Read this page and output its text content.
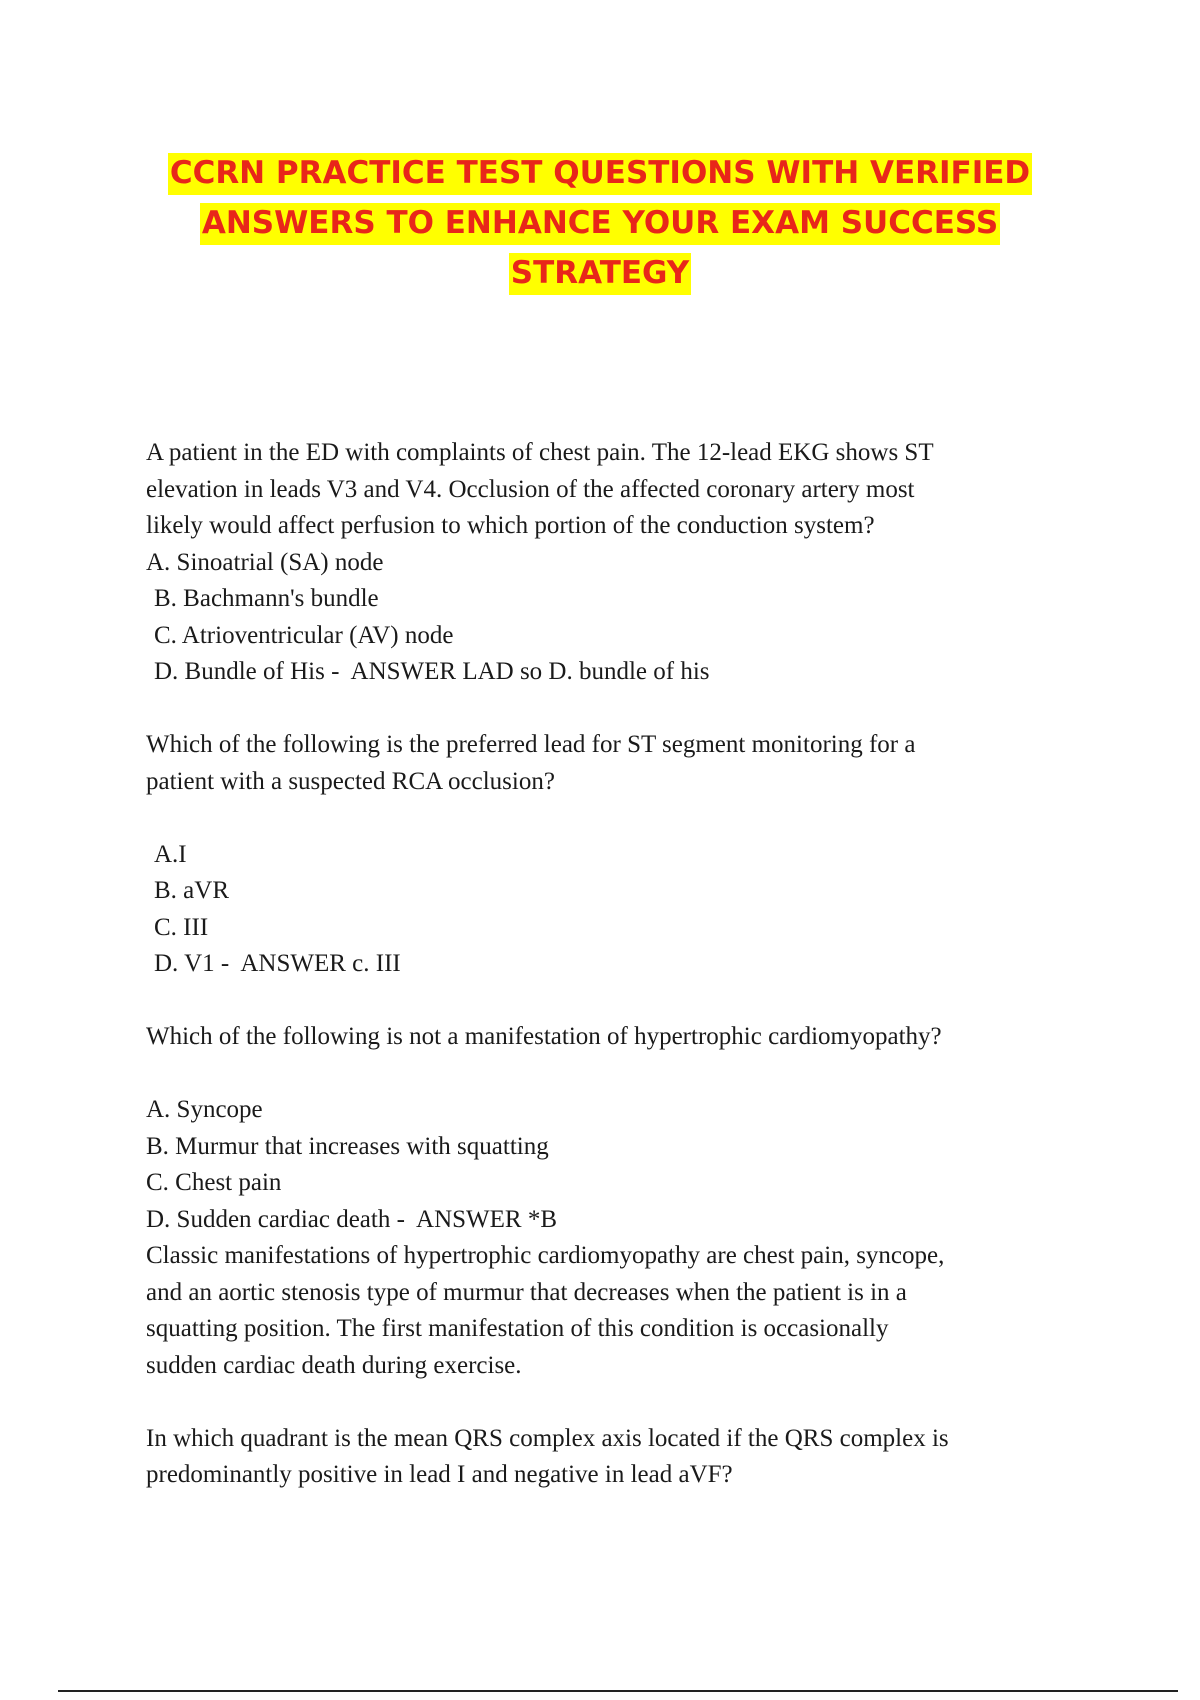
CCRN PRACTICE TEST QUESTIONS WITH VERIFIED
ANSWERS TO ENHANCE YOUR EXAM SUCCESS
STRATEGY

A patient in the ED with complaints of chest pain. The 12-lead EKG shows ST

elevation in leads V3 and V4. Occlusion of the affected coronary artery most

likely would affect perfusion to which portion of the conduction system?

A. Sinoatrial (SA) node

B. Bachmann's bundle

C. Atrioventricular (AV) node

D. Bundle of His -  ANSWER LAD so D. bundle of his

Which of the following is the preferred lead for ST segment monitoring for a

patient with a suspected RCA occlusion?

A.I

B. aVR

C. III

D. V1 -  ANSWER c. III

Which of the following is not a manifestation of hypertrophic cardiomyopathy?

A. Syncope

B. Murmur that increases with squatting

C. Chest pain

D. Sudden cardiac death -  ANSWER *B

Classic manifestations of hypertrophic cardiomyopathy are chest pain, syncope,

and an aortic stenosis type of murmur that decreases when the patient is in a

squatting position. The first manifestation of this condition is occasionally

sudden cardiac death during exercise.

In which quadrant is the mean QRS complex axis located if the QRS complex is

predominantly positive in lead I and negative in lead aVF?
